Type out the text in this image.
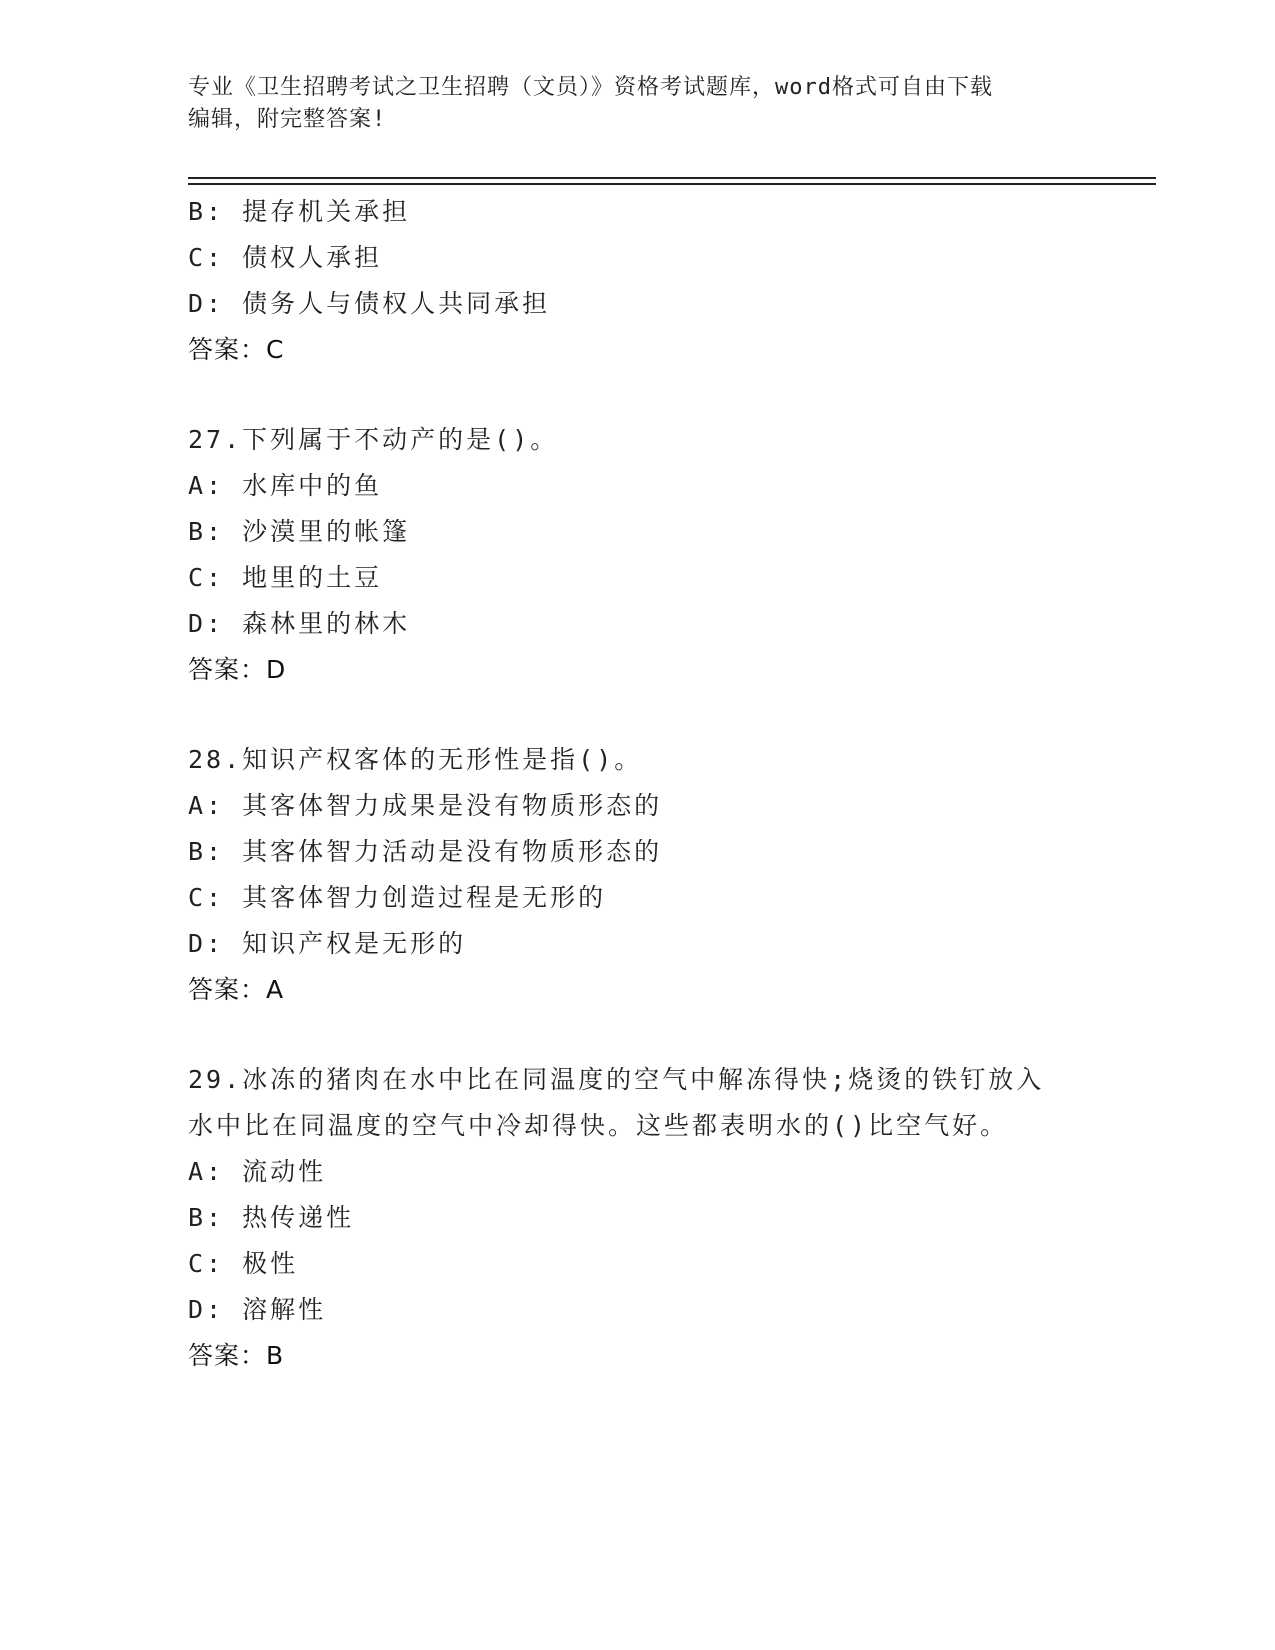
专业《卫生招聘考试之卫生招聘（文员）》资格考试题库，word格式可自由下载
编辑，附完整答案!
B: 提存机关承担
C: 债权人承担
D: 债务人与债权人共同承担
答案：C
27.下列属于不动产的是()。
A: 水库中的鱼
B: 沙漠里的帐篷
C: 地里的土豆
D: 森林里的林木
答案：D
28.知识产权客体的无形性是指()。
A: 其客体智力成果是没有物质形态的
B: 其客体智力活动是没有物质形态的
C: 其客体智力创造过程是无形的
D: 知识产权是无形的
答案：A
29.冰冻的猪肉在水中比在同温度的空气中解冻得快;烧烫的铁钉放入
水中比在同温度的空气中冷却得快。这些都表明水的()比空气好。
A: 流动性
B: 热传递性
C: 极性
D: 溶解性
答案：B
